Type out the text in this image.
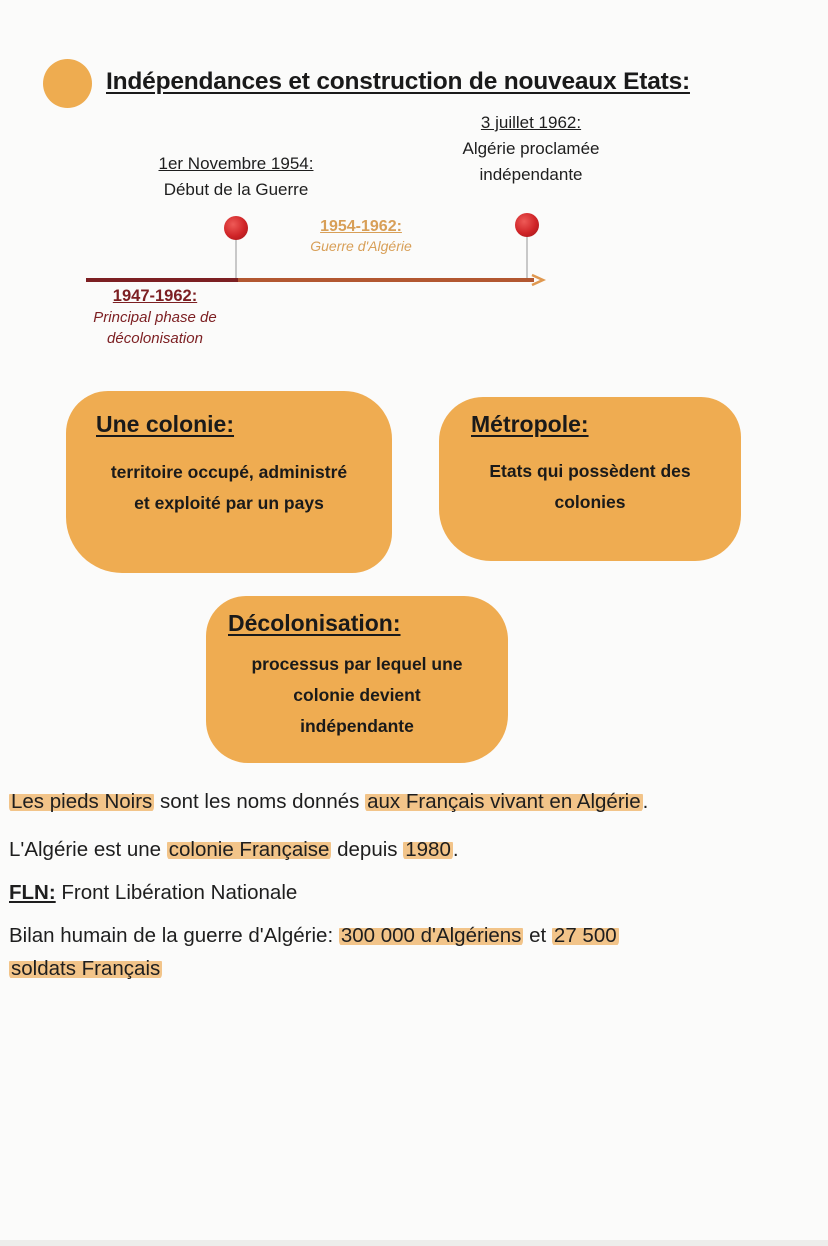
Indépendances et construction de nouveaux Etats:
1er Novembre 1954:
Début de la Guerre
3 juillet 1962:
Algérie proclamée
indépendante
1954-1962:
Guerre d'Algérie
1947-1962:
Principal phase de
décolonisation
Une colonie:
territoire occupé, administré
et exploité par un pays
Métropole:
Etats qui possèdent des
colonies
Décolonisation:
processus par lequel une
colonie devient
indépendante
Les pieds Noirs sont les noms donnés aux Français vivant en Algérie.
L'Algérie est une colonie Française depuis 1980.
FLN: Front Libération Nationale
Bilan humain de la guerre d'Algérie: 300 000 d'Algériens et 27 500
soldats Français
